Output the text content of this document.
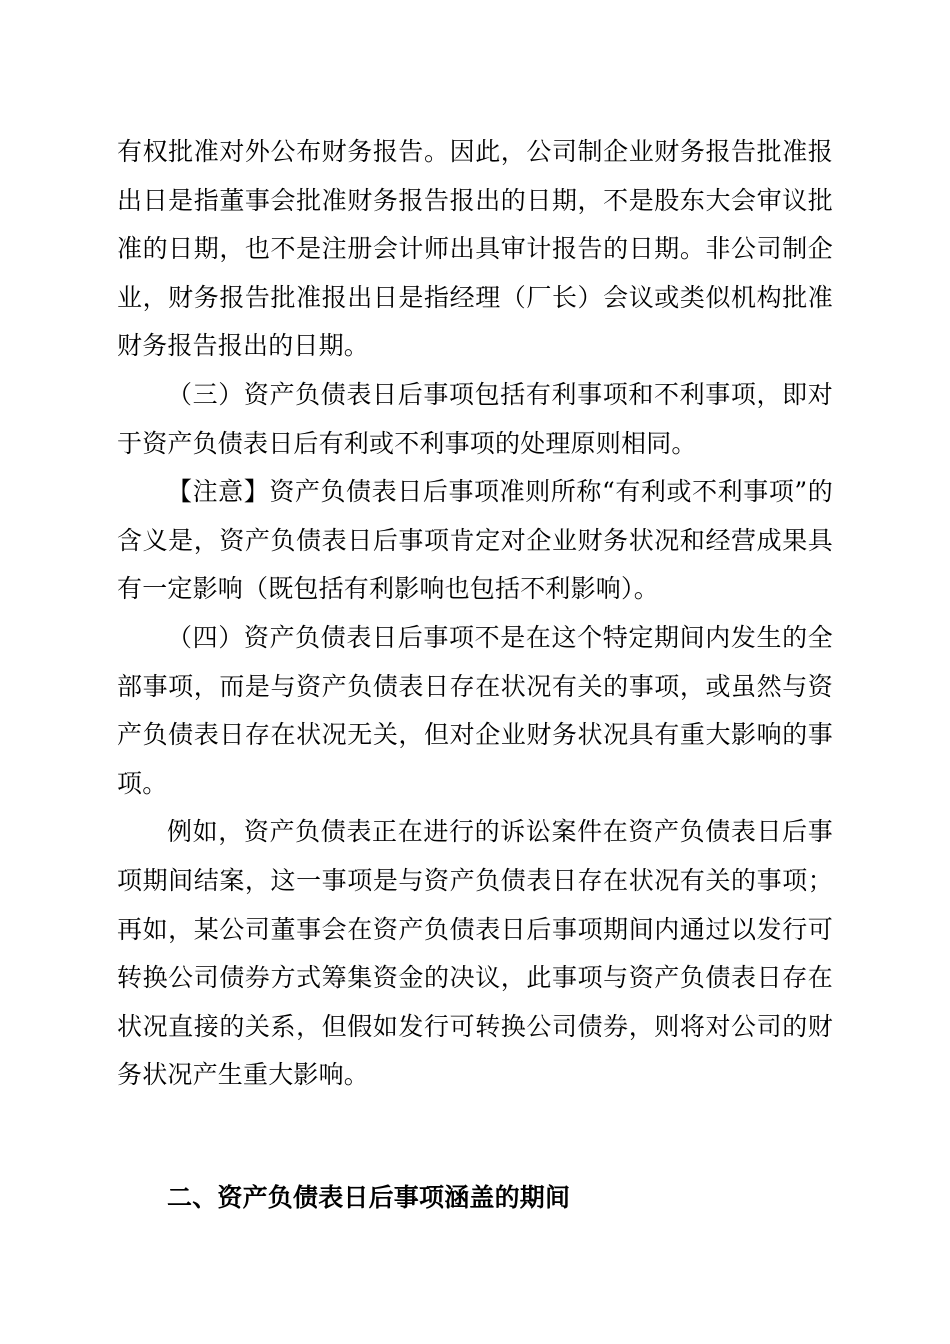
有权批准对外公布财务报告。因此，公司制企业财务报告批准报出日是指董事会批准财务报告报出的日期，不是股东大会审议批准的日期，也不是注册会计师出具审计报告的日期。非公司制企业，财务报告批准报出日是指经理（厂长）会议或类似机构批准财务报告报出的日期。

（三）资产负债表日后事项包括有利事项和不利事项，即对于资产负债表日后有利或不利事项的处理原则相同。

【注意】资产负债表日后事项准则所称“有利或不利事项”的含义是，资产负债表日后事项肯定对企业财务状况和经营成果具有一定影响（既包括有利影响也包括不利影响）。

（四）资产负债表日后事项不是在这个特定期间内发生的全部事项，而是与资产负债表日存在状况有关的事项，或虽然与资产负债表日存在状况无关，但对企业财务状况具有重大影响的事项。

例如，资产负债表正在进行的诉讼案件在资产负债表日后事项期间结案，这一事项是与资产负债表日存在状况有关的事项；再如，某公司董事会在资产负债表日后事项期间内通过以发行可转换公司债券方式筹集资金的决议，此事项与资产负债表日存在状况直接的关系，但假如发行可转换公司债券，则将对公司的财务状况产生重大影响。

二、资产负债表日后事项涵盖的期间
